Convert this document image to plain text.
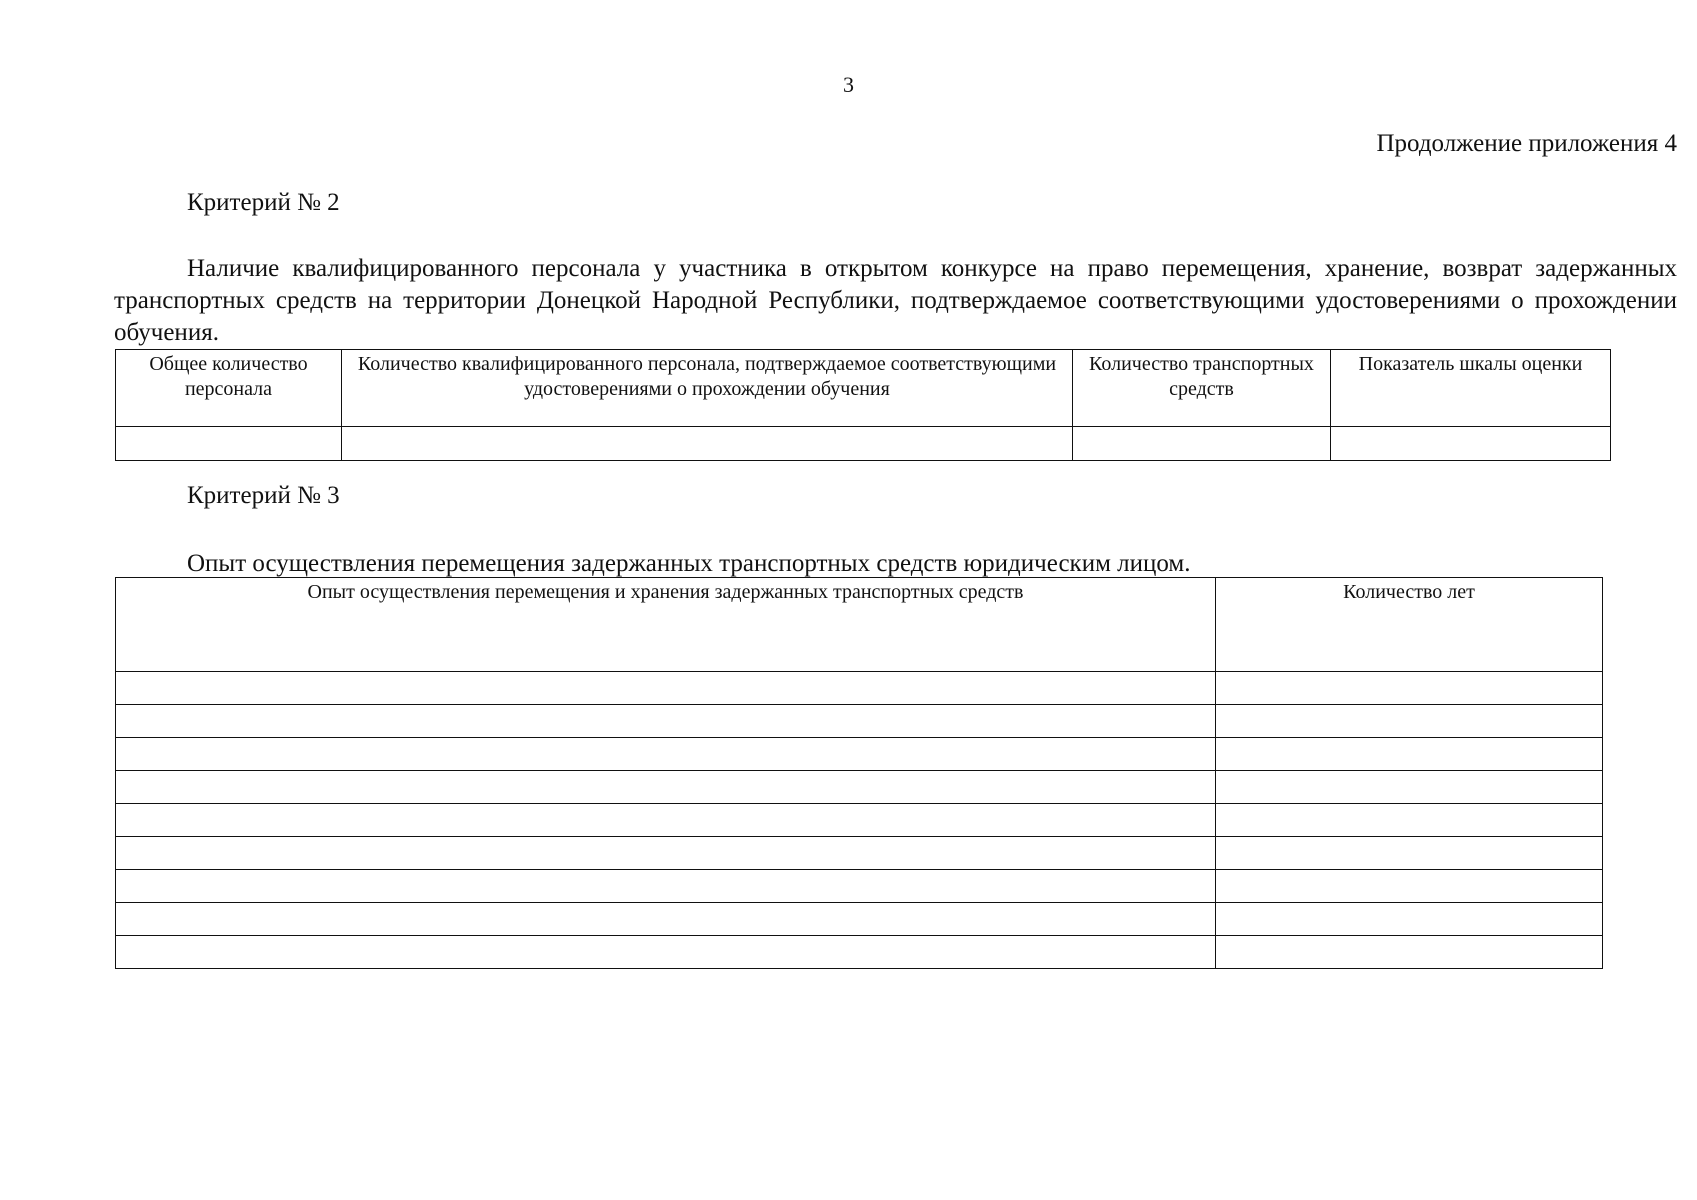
3
Продолжение приложения 4
Критерий № 2
Наличие квалифицированного персонала у участника в открытом конкурсе на право перемещения, хранение, возврат задержанных транспортных средств на территории Донецкой Народной Республики, подтверждаемое соответствующими удостоверениями о прохождении обучения.
Общее количество персонала	Количество квалифицированного персонала, подтверждаемое соответствующими удостоверениями о прохождении обучения	Количество транспортных средств	Показатель шкалы оценки

Критерий № 3
Опыт осуществления перемещения задержанных транспортных средств юридическим лицом.
Опыт осуществления перемещения и хранения задержанных транспортных средств	Количество лет
